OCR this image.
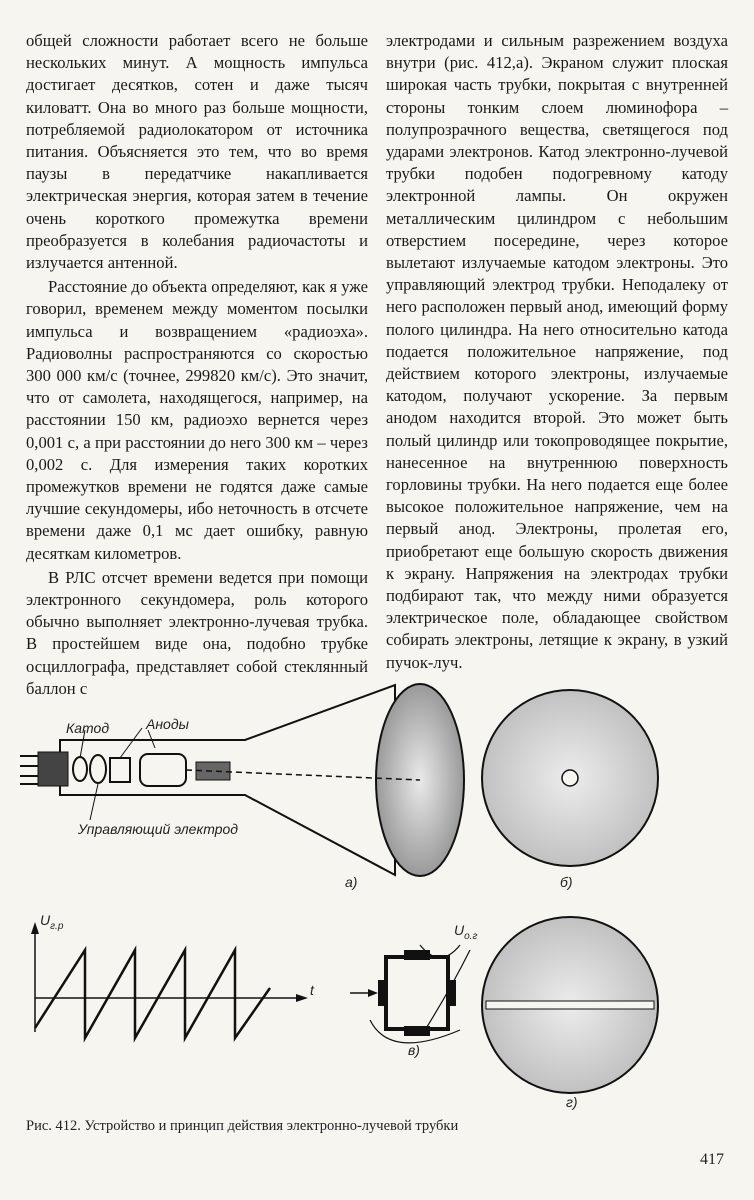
общей сложности работает всего не больше нескольких минут. А мощность импульса достигает десятков, сотен и даже тысяч киловатт. Она во много раз больше мощности, потребляемой радиолокатором от источника питания. Объясняется это тем, что во время паузы в передатчике накапливается электрическая энергия, которая затем в течение очень короткого промежутка времени преобразуется в колебания радиочастоты и излучается антенной.

Расстояние до объекта определяют, как я уже говорил, временем между моментом посылки импульса и возвращением «радиоэха». Радиоволны распространяются со скоростью 300 000 км/с (точнее, 299820 км/с). Это значит, что от самолета, находящегося, например, на расстоянии 150 км, радиоэхо вернется через 0,001 с, а при расстоянии до него 300 км – через 0,002 с. Для измерения таких коротких промежутков времени не годятся даже самые лучшие секундомеры, ибо неточность в отсчете времени даже 0,1 мс дает ошибку, равную десяткам километров.

В РЛС отсчет времени ведется при помощи электронного секундомера, роль которого обычно выполняет электронно-лучевая трубка. В простейшем виде она, подобно трубке осциллографа, представляет собой стеклянный баллон с

электродами и сильным разрежением воздуха внутри (рис. 412,а). Экраном служит плоская широкая часть трубки, покрытая с внутренней стороны тонким слоем люминофора – полупрозрачного вещества, светящегося под ударами электронов. Катод электронно-лучевой трубки подобен подогревному катоду электронной лампы. Он окружен металлическим цилиндром с небольшим отверстием посередине, через которое вылетают излучаемые катодом электроны. Это управляющий электрод трубки. Неподалеку от него расположен первый анод, имеющий форму полого цилиндра. На него относительно катода подается положительное напряжение, под действием которого электроны, излучаемые катодом, получают ускорение. За первым анодом находится второй. Это может быть полый цилиндр или токопроводящее покрытие, нанесенное на внутреннюю поверхность горловины трубки. На него подается еще более высокое положительное напряжение, чем на первый анод. Электроны, пролетая его, приобретают еще большую скорость движения к экрану. Напряжения на электродах трубки подбирают так, что между ними образуется электрическое поле, обладающее свойством собирать электроны, летящие к экрану, в узкий пучок-луч.

Катод	Аноды
Управляющий электрод
а)	б)
$U_{г.р}$
t
$U_{о.г}$
в)
г)
Рис. 412. Устройство и принцип действия электронно-лучевой трубки
417
